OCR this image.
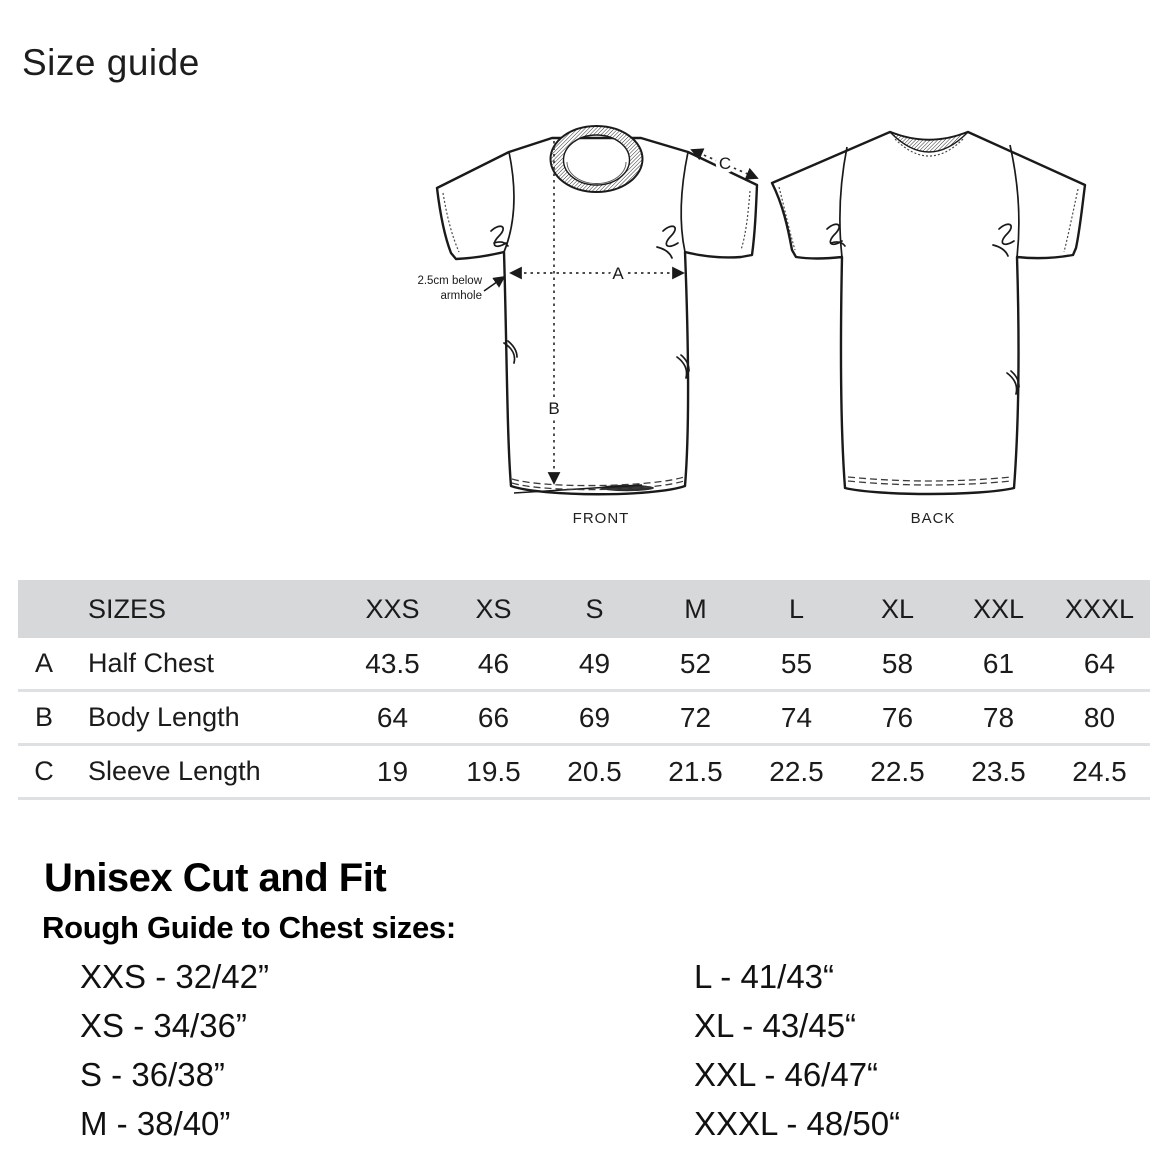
Size guide
A
B
C
2.5cm below
armhole
FRONT	BACK
SIZES	XXS	XS	S	M	L	XL	XXL	XXXL
A	Half Chest	43.5	46	49	52	55	58	61	64
B	Body Length	64	66	69	72	74	76	78	80
C	Sleeve Length	19	19.5	20.5	21.5	22.5	22.5	23.5	24.5
Unisex Cut and Fit
Rough Guide to Chest sizes:
XXS - 32/42”
XS - 34/36”
S - 36/38”
M - 38/40”
L - 41/43“
XL - 43/45“
XXL - 46/47“
XXXL - 48/50“
